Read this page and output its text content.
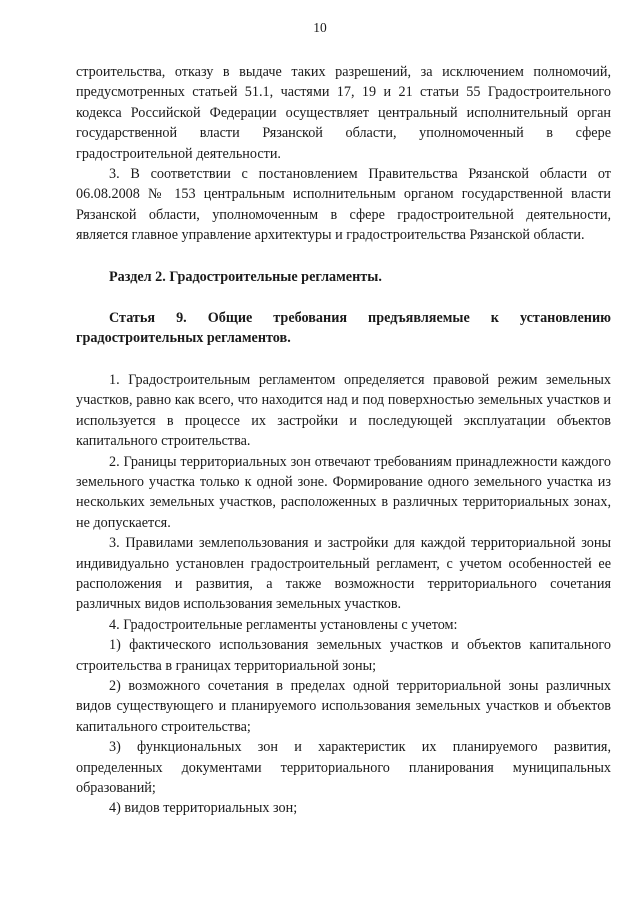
10

строительства, отказу в выдаче таких разрешений, за исключением полномочий, предусмотренных статьей 51.1, частями 17, 19 и 21 статьи 55 Градостроительного кодекса Российской Федерации осуществляет центральный исполнительный орган государственной власти Рязанской области, уполномоченный в сфере градостроительной деятельности.

3. В соответствии с постановлением Правительства Рязанской области от 06.08.2008 № 153 центральным исполнительным органом государственной власти Рязанской области, уполномоченным в сфере градостроительной деятельности, является главное управление архитектуры и градостроительства Рязанской области.

Раздел 2. Градостроительные регламенты.

Статья 9. Общие требования предъявляемые к установлению градостроительных регламентов.

1. Градостроительным регламентом определяется правовой режим земельных участков, равно как всего, что находится над и под поверхностью земельных участков и используется в процессе их застройки и последующей эксплуатации объектов капитального строительства.

2. Границы территориальных зон отвечают требованиям принадлежности каждого земельного участка только к одной зоне. Формирование одного земельного участка из нескольких земельных участков, расположенных в различных территориальных зонах, не допускается.

3. Правилами землепользования и застройки для каждой территориальной зоны индивидуально установлен градостроительный регламент, с учетом особенностей ее расположения и развития, а также возможности территориального сочетания различных видов использования земельных участков.

4. Градостроительные регламенты установлены с учетом:

1) фактического использования земельных участков и объектов капитального строительства в границах территориальной зоны;

2) возможного сочетания в пределах одной территориальной зоны различных видов существующего и планируемого использования земельных участков и объектов капитального строительства;

3) функциональных зон и характеристик их планируемого развития, определенных документами территориального планирования муниципальных образований;

4) видов территориальных зон;
